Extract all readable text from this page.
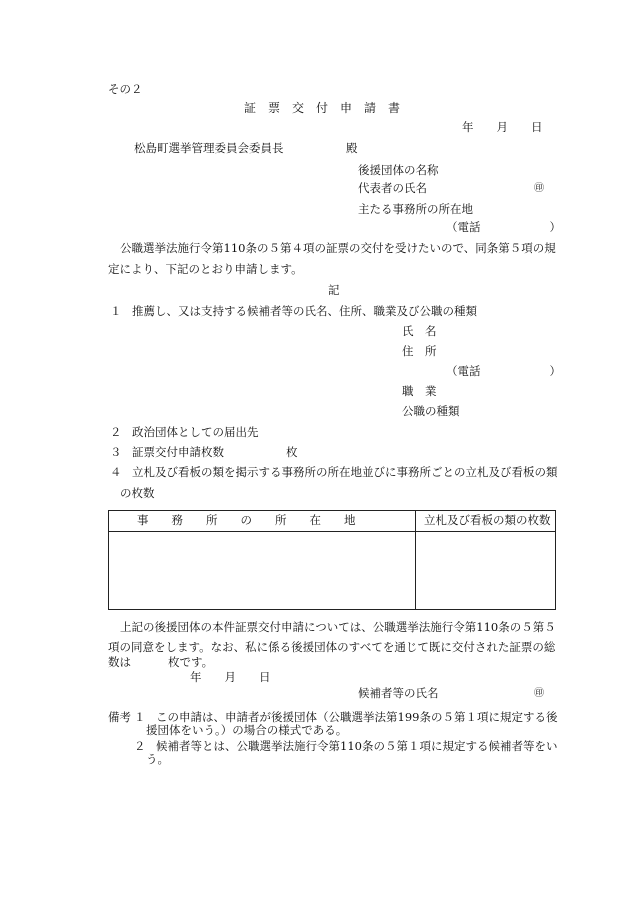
その２
証　票　交　付　申　請　書
年　　月　　日
松島町選挙管理委員会委員長	殿
後援団体の名称
代表者の氏名	㊞
主たる事務所の所在地
（電話　　　　　　）
公職選挙法施行令第110条の５第４項の証票の交付を受けたいので、同条第５項の規
定により、下記のとおり申請します。
記
１ 推薦し、又は支持する候補者等の氏名、住所、職業及び公職の種類
氏　名
住　所
（電話　　　　　　）
職　業
公職の種類
２ 政治団体としての届出先
３ 証票交付申請枚数	枚
４ 立札及び看板の類を掲示する事務所の所在地並びに事務所ごとの立札及び看板の類
の枚数
事　　務　　所　　の　　所　　在　　地	立札及び看板の類の枚数
上記の後援団体の本件証票交付申請については、公職選挙法施行令第110条の５第５
項の同意をします。なお、私に係る後援団体のすべてを通じて既に交付された証票の総
数は	枚です。
年　　月　　日
候補者等の氏名	㊞
備考 １ この申請は、申請者が後援団体（公職選挙法第199条の５第１項に規定する後
援団体をいう。）の場合の様式である。
２ 候補者等とは、公職選挙法施行令第110条の５第１項に規定する候補者等をい
う。
